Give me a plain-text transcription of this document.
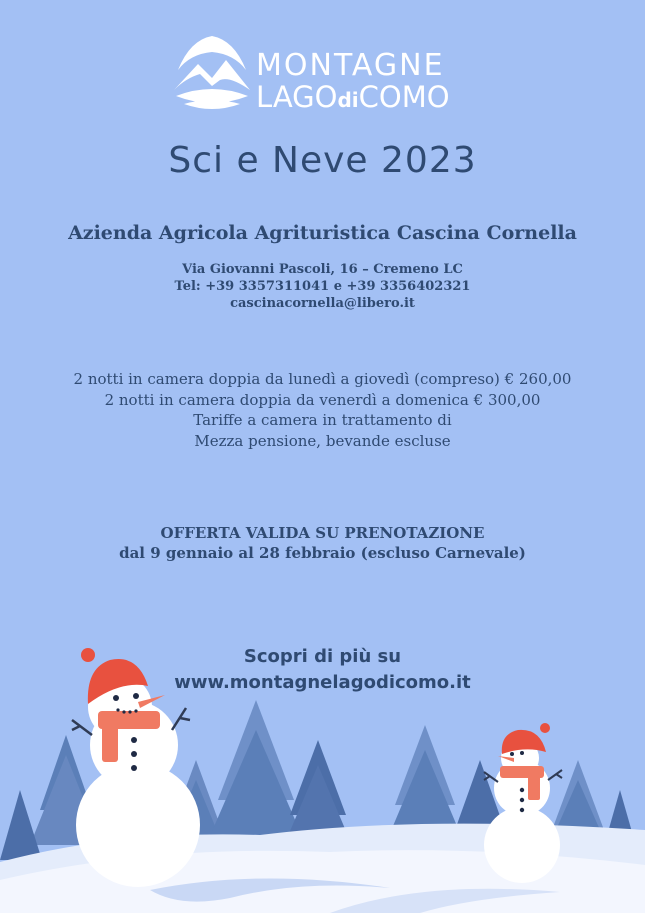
MONTAGNE
LAGOdiCOMO
Sci e Neve 2023
Azienda Agricola Agrituristica Cascina Cornella
Via Giovanni Pascoli, 16 – Cremeno LC
Tel: +39 3357311041 e +39 3356402321
cascinacornella@libero.it
2 notti in camera doppia da lunedì a giovedì (compreso) € 260,00
2 notti in camera doppia da venerdì a domenica € 300,00
Tariffe a camera in trattamento di
Mezza pensione, bevande escluse
OFFERTA VALIDA SU PRENOTAZIONE
dal 9 gennaio al 28 febbraio (escluso Carnevale)
Scopri di più su
www.montagnelagodicomo.it
